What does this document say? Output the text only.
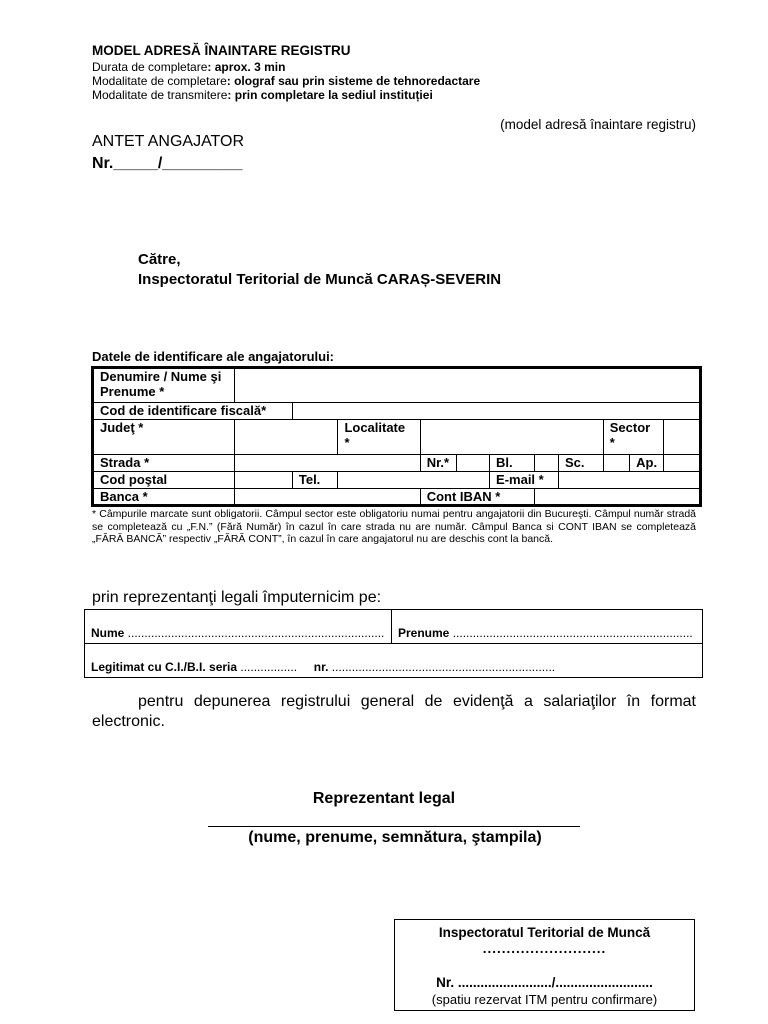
MODEL ADRESĂ ÎNAINTARE REGISTRU
Durata de completare: aprox. 3 min
Modalitate de completare: olograf sau prin sisteme de tehnoredactare
Modalitate de transmitere: prin completare la sediul instituției
(model adresă înaintare registru)
ANTET ANGAJATOR
Nr._____/_________
Către,
Inspectoratul Teritorial de Muncă CARAȘ-SEVERIN
Datele de identificare ale angajatorului:
Denumire / Nume şi Prenume *											
Cod de identificare fiscală*											
Judeţ *			Localitate *						Sector *		
Strada *				Nr.*		Bl.		Sc.		Ap.	
Cod poştal		Tel.				E-mail *					
Banca *				Cont IBAN *							
* Câmpurile marcate sunt obligatorii. Câmpul sector este obligatoriu numai pentru angajatorii din Bucureşti. Câmpul număr stradă se completează cu „F.N.” (Fără Număr) în cazul în care strada nu are număr. Câmpul Banca si CONT IBAN se completează „FĂRĂ BANCĂ” respectiv „FĂRĂ CONT”, în cazul în care angajatorul nu are deschis cont la bancă.
prin reprezentanţi legali împuternicim pe:
Nume .............................................................................	Prenume ........................................................................
Legitimat cu C.I./B.I. seria ................. nr. ...................................................................
pentru depunerea registrului general de evidenţă a salariaţilor în format electronic.
Reprezentant legal
(nume, prenume, semnătura, ştampila)
Inspectoratul Teritorial de Muncă
..........................
Nr. ........................./..........................
(spatiu rezervat ITM pentru confirmare)
